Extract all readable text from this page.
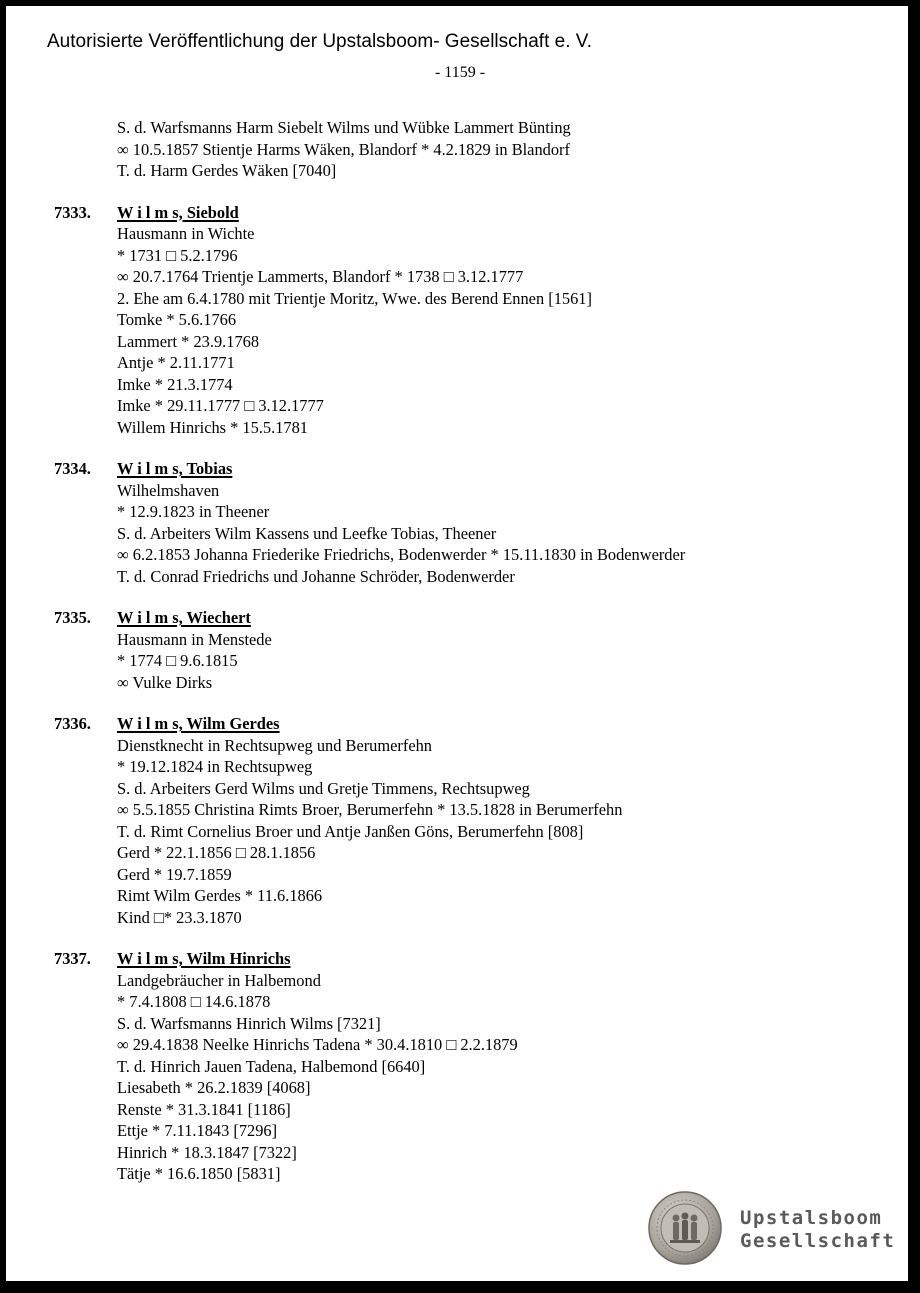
Autorisierte Veröffentlichung der Upstalsboom- Gesellschaft e. V.
- 1159 -
S. d. Warfsmanns Harm Siebelt Wilms und Wübke Lammert Bünting
∞ 10.5.1857 Stientje Harms Wäken, Blandorf * 4.2.1829 in Blandorf
T. d. Harm Gerdes Wäken [7040]
7333.	W i l m s, Siebold
Hausmann in Wichte
* 1731 □ 5.2.1796
∞ 20.7.1764 Trientje Lammerts, Blandorf * 1738 □ 3.12.1777
2. Ehe am 6.4.1780 mit Trientje Moritz, Wwe. des Berend Ennen [1561]
Tomke * 5.6.1766
Lammert * 23.9.1768
Antje * 2.11.1771
Imke * 21.3.1774
Imke * 29.11.1777 □ 3.12.1777
Willem Hinrichs * 15.5.1781
7334.	W i l m s, Tobias
Wilhelmshaven
* 12.9.1823 in Theener
S. d. Arbeiters Wilm Kassens und Leefke Tobias, Theener
∞ 6.2.1853 Johanna Friederike Friedrichs, Bodenwerder * 15.11.1830 in Bodenwerder
T. d. Conrad Friedrichs und Johanne Schröder, Bodenwerder
7335.	W i l m s, Wiechert
Hausmann in Menstede
* 1774 □ 9.6.1815
∞ Vulke Dirks
7336.	W i l m s, Wilm Gerdes
Dienstknecht in Rechtsupweg und Berumerfehn
* 19.12.1824 in Rechtsupweg
S. d. Arbeiters Gerd Wilms und Gretje Timmens, Rechtsupweg
∞ 5.5.1855 Christina Rimts Broer, Berumerfehn * 13.5.1828 in Berumerfehn
T. d. Rimt Cornelius Broer und Antje Janßen Göns, Berumerfehn [808]
Gerd * 22.1.1856 □ 28.1.1856
Gerd * 19.7.1859
Rimt Wilm Gerdes * 11.6.1866
Kind □* 23.3.1870
7337.	W i l m s, Wilm Hinrichs
Landgebräucher in Halbemond
* 7.4.1808 □ 14.6.1878
S. d. Warfsmanns Hinrich Wilms [7321]
∞ 29.4.1838 Neelke Hinrichs Tadena * 30.4.1810 □ 2.2.1879
T. d. Hinrich Jauen Tadena, Halbemond [6640]
Liesabeth * 26.2.1839 [4068]
Renste * 31.3.1841 [1186]
Ettje * 7.11.1843 [7296]
Hinrich * 18.3.1847 [7322]
Tätje * 16.6.1850 [5831]
Upstalsboom
Gesellschaft
